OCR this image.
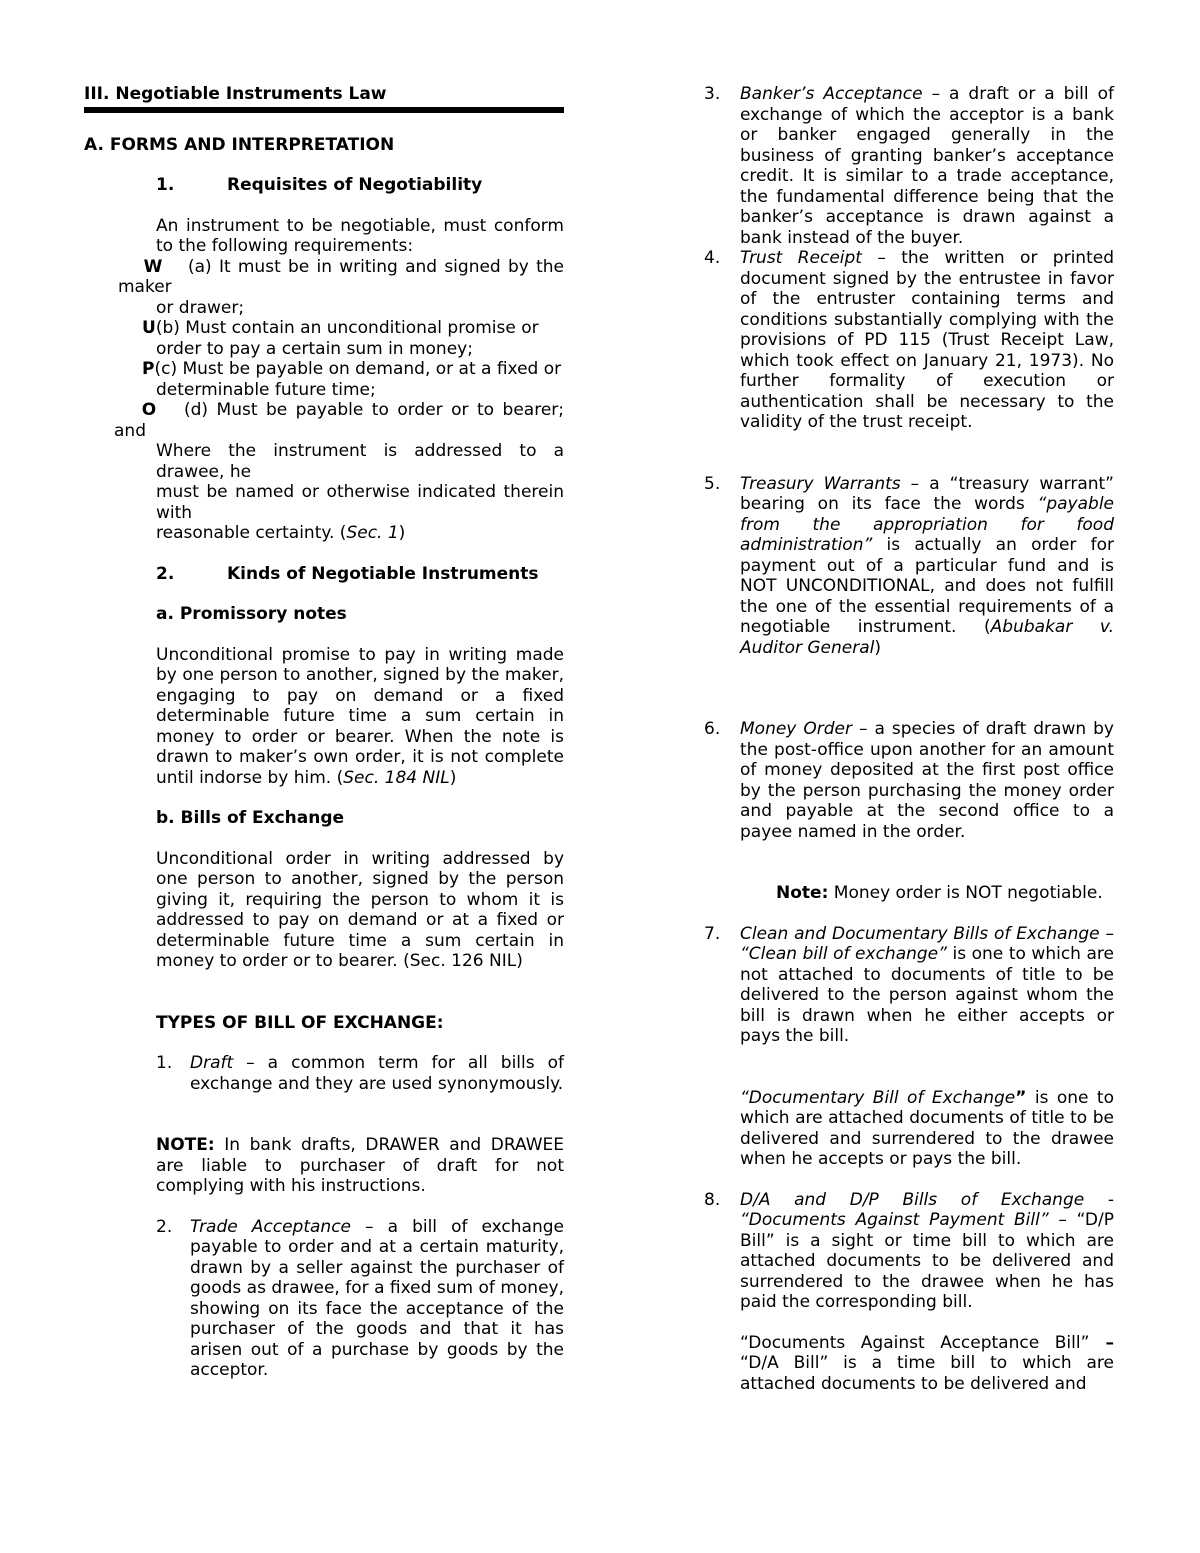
III. Negotiable Instruments Law

A. FORMS AND INTERPRETATION

1.	Requisites of Negotiability

An instrument to be negotiable, must conform

to the following requirements:

W (a) It must be in writing and signed by the maker

or drawer;

U(b) Must contain an unconditional promise or

order to pay a certain sum in money;

P(c) Must be payable on demand, or at a fixed or

determinable future time;

O (d) Must be payable to order or to bearer; and

Where the instrument is addressed to a drawee, he

must be named or otherwise indicated therein with

reasonable certainty. (Sec. 1)

2.	Kinds of Negotiable Instruments

a. Promissory notes

Unconditional promise to pay in writing made by one person to another, signed by the maker, engaging to pay on demand or a fixed determinable future time a sum certain in money to order or bearer. When the note is drawn to maker’s own order, it is not complete until indorse by him. (Sec. 184 NIL)

b. Bills of Exchange

Unconditional order in writing addressed by one person to another, signed by the person giving it, requiring the person to whom it is addressed to pay on demand or at a fixed or determinable future time a sum certain in money to order or to bearer. (Sec. 126 NIL)

TYPES OF BILL OF EXCHANGE:

1.	Draft – a common term for all bills of exchange and they are used synonymously.

NOTE: In bank drafts, DRAWER and DRAWEE are liable to purchaser of draft for not complying with his instructions.

2.	Trade Acceptance – a bill of exchange payable to order and at a certain maturity, drawn by a seller against the purchaser of goods as drawee, for a fixed sum of money, showing on its face the acceptance of the purchaser of the goods and that it has arisen out of a purchase by goods by the acceptor.

3.	Banker’s Acceptance – a draft or a bill of exchange of which the acceptor is a bank or banker engaged generally in the business of granting banker’s acceptance credit. It is similar to a trade acceptance, the fundamental difference being that the banker’s acceptance is drawn against a bank instead of the buyer.

4.	Trust Receipt – the written or printed document signed by the entrustee in favor of the entruster containing terms and conditions substantially complying with the provisions of PD 115 (Trust Receipt Law, which took effect on January 21, 1973). No further formality of execution or authentication shall be necessary to the validity of the trust receipt.

5.	Treasury Warrants – a “treasury warrant” bearing on its face the words “payable from the appropriation for food administration” is actually an order for payment out of a particular fund and is NOT UNCONDITIONAL, and does not fulfill the one of the essential requirements of a negotiable instrument. (Abubakar v. Auditor General)

6.	Money Order – a species of draft drawn by the post-office upon another for an amount of money deposited at the first post office by the person purchasing the money order and payable at the second office to a payee named in the order.

Note: Money order is NOT negotiable.

7.	Clean and Documentary Bills of Exchange – “Clean bill of exchange” is one to which are not attached to documents of title to be delivered to the person against whom the bill is drawn when he either accepts or pays the bill.

“Documentary Bill of Exchange” is one to which are attached documents of title to be delivered and surrendered to the drawee when he accepts or pays the bill.

8.	D/A and D/P Bills of Exchange - “Documents Against Payment Bill” – “D/P Bill” is a sight or time bill to which are attached documents to be delivered and surrendered to the drawee when he has paid the corresponding bill.

“Documents Against Acceptance Bill” – “D/A Bill” is a time bill to which are attached documents to be delivered and
